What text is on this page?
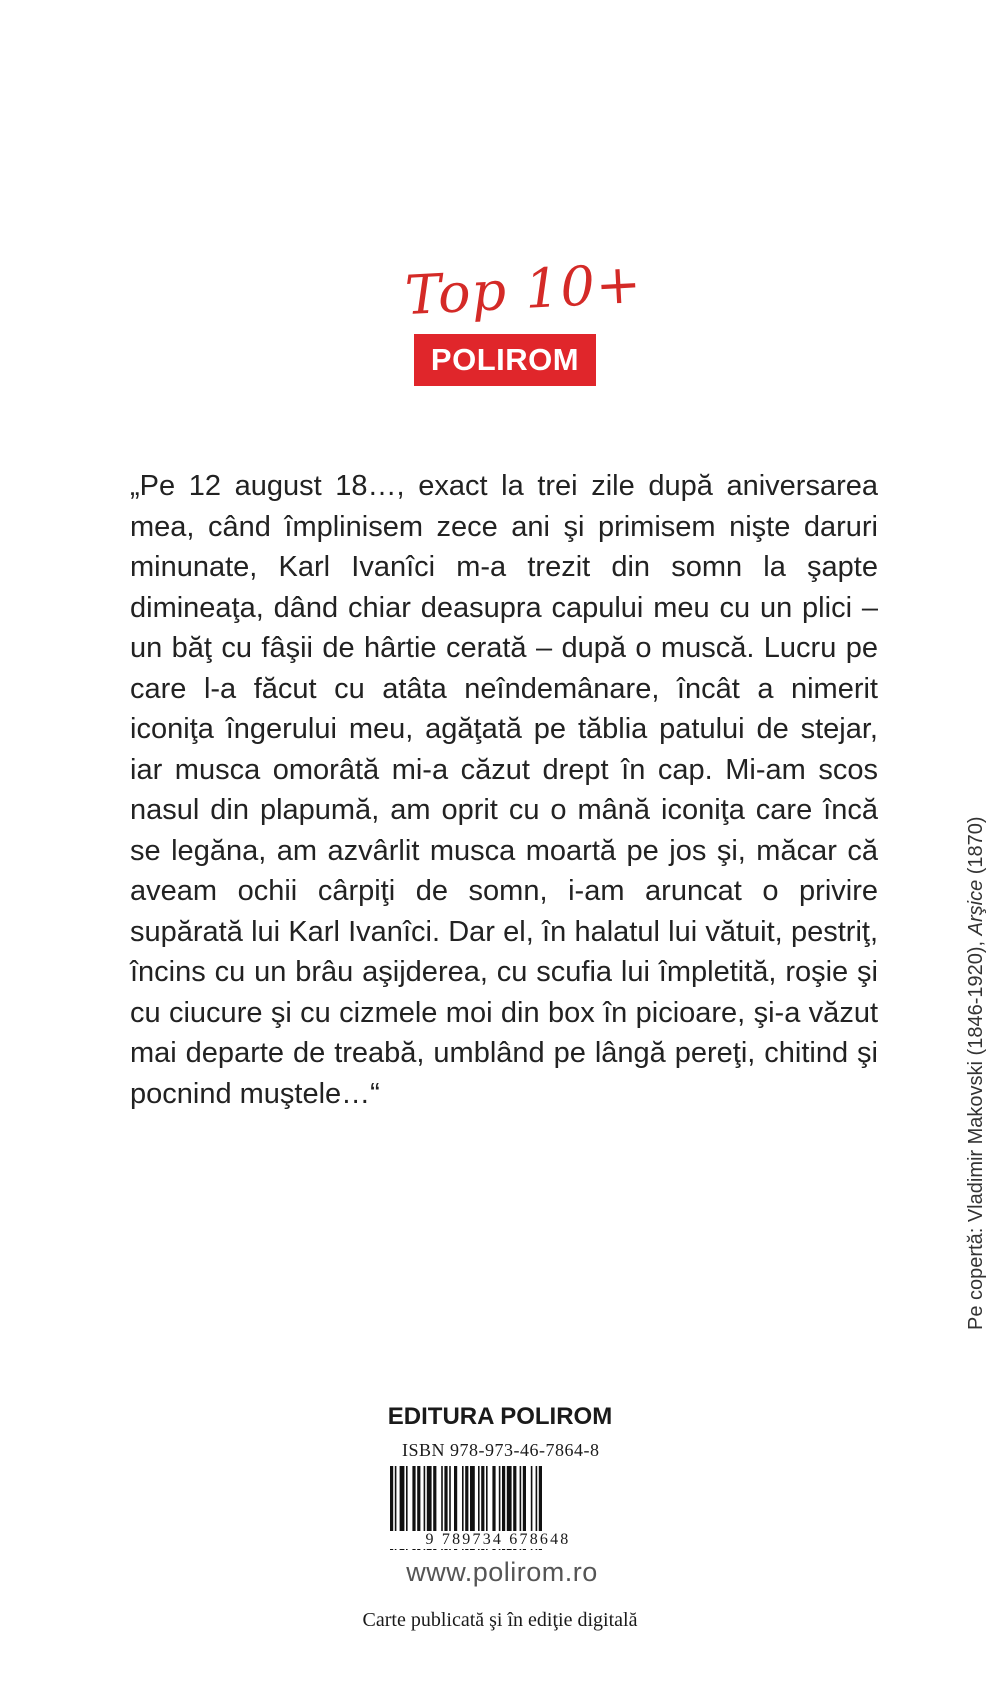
Top 10+
POLIROM
„Pe 12 august 18…, exact la trei zile după aniversarea mea, când împlinisem zece ani şi primisem nişte daruri minunate, Karl Ivanîci m-a trezit din somn la şapte dimineaţa, dând chiar deasupra capului meu cu un plici – un băţ cu fâşii de hârtie cerată – după o muscă. Lucru pe care l-a făcut cu atâta neîndemânare, încât a nimerit iconiţa îngerului meu, agăţată pe tăblia patului de stejar, iar musca omorâtă mi-a căzut drept în cap. Mi-am scos nasul din plapumă, am oprit cu o mână iconiţa care încă se legăna, am azvârlit musca moartă pe jos şi, măcar că aveam ochii cârpiţi de somn, i-am aruncat o privire supărată lui Karl Ivanîci. Dar el, în halatul lui vătuit, pestriţ, încins cu un brâu aşijderea, cu scufia lui împletită, roşie şi cu ciucure şi cu cizmele moi din box în picioare, şi-a văzut mai departe de treabă, umblând pe lângă pereţi, chitind şi pocnind muştele…“
EDITURA POLIROM
ISBN 978-973-46-7864-8
9 789734 678648
www.polirom.ro
Carte publicată şi în ediţie digitală
Pe copertă: Vladimir Makovski (1846-1920), Arşice (1870)
